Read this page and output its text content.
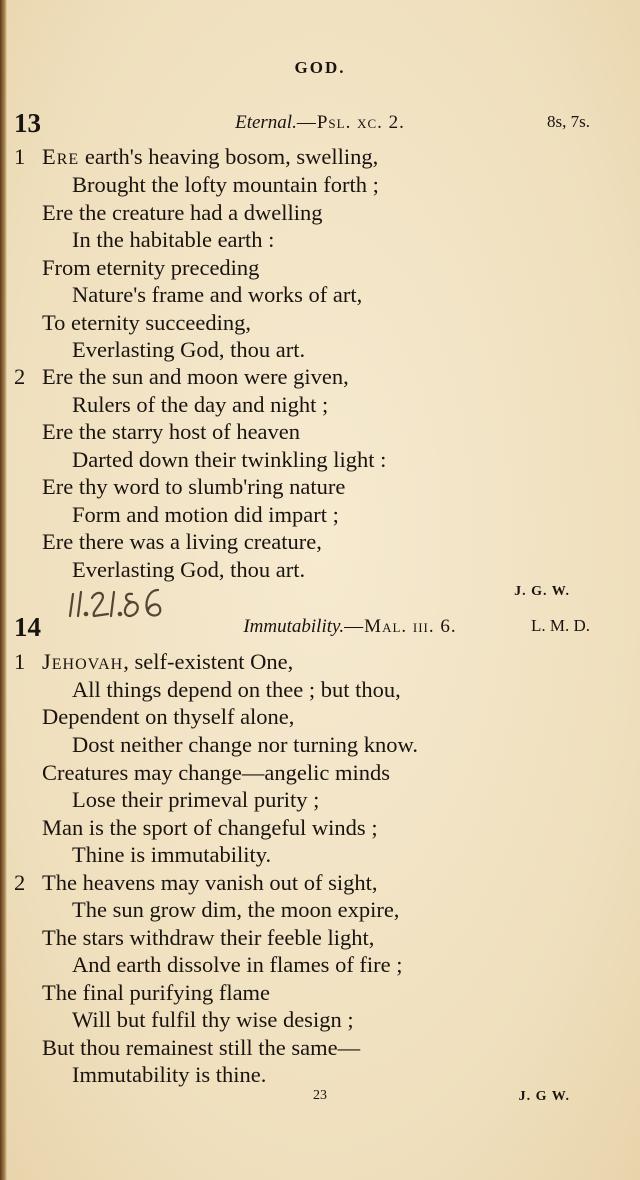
GOD.
13	Eternal.—Psl. xc. 2.	8s, 7s.
1 Ere earth's heaving bosom, swelling,
Brought the lofty mountain forth ;
Ere the creature had a dwelling
In the habitable earth :
From eternity preceding
Nature's frame and works of art,
To eternity succeeding,
Everlasting God, thou art.
2 Ere the sun and moon were given,
Rulers of the day and night ;
Ere the starry host of heaven
Darted down their twinkling light :
Ere thy word to slumb'ring nature
Form and motion did impart ;
Ere there was a living creature,
Everlasting God, thou art.
J. G. W.
14	Immutability.—Mal. iii. 6.	L. M. D.
1 Jehovah, self-existent One,
All things depend on thee ; but thou,
Dependent on thyself alone,
Dost neither change nor turning know.
Creatures may change—angelic minds
Lose their primeval purity ;
Man is the sport of changeful winds ;
Thine is immutability.
2 The heavens may vanish out of sight,
The sun grow dim, the moon expire,
The stars withdraw their feeble light,
And earth dissolve in flames of fire ;
The final purifying flame
Will but fulfil thy wise design ;
But thou remainest still the same—
Immutability is thine.
23	J. G W.
